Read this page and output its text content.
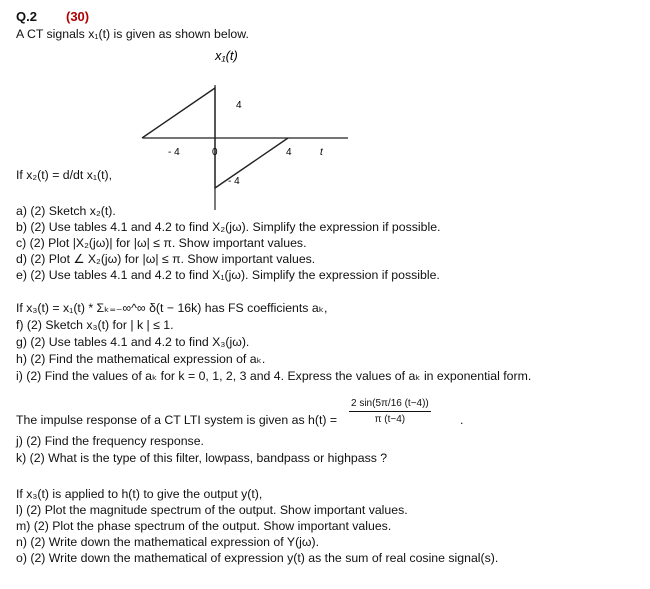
Q.2 (30)
A CT signals x₁(t) is given as shown below.
x₁(t)
4
- 4
- 4	0	4	t
If x₂(t) = d/dt x₁(t),
a) (2) Sketch x₂(t).
b) (2) Use tables 4.1 and 4.2 to find X₂(jω). Simplify the expression if possible.
c) (2) Plot |X₂(jω)| for |ω| ≤ π. Show important values.
d) (2) Plot ∠ X₂(jω) for |ω| ≤ π. Show important values.
e) (2) Use tables 4.1 and 4.2 to find X₁(jω). Simplify the expression if possible.
If x₃(t) = x₁(t) * Σₖ₌₋∞^∞ δ(t − 16k) has FS coefficients aₖ,
f) (2) Sketch x₃(t) for | k | ≤ 1.
g) (2) Use tables 4.1 and 4.2 to find X₃(jω).
h) (2) Find the mathematical expression of aₖ.
i) (2) Find the values of aₖ for k = 0, 1, 2, 3 and 4. Express the values of aₖ in exponential form.
The impulse response of a CT LTI system is given as $h(t) = \frac{2 \sin(5\pi/16 (t-4))}{\pi (t-4)}$ .
j) (2) Find the frequency response.
k) (2) What is the type of this filter, lowpass, bandpass or highpass ?
If x₃(t) is applied to h(t) to give the output y(t),
l) (2) Plot the magnitude spectrum of the output. Show important values.
m) (2) Plot the phase spectrum of the output. Show important values.
n) (2) Write down the mathematical expression of Y(jω).
o) (2) Write down the mathematical of expression y(t) as the sum of real cosine signal(s).
